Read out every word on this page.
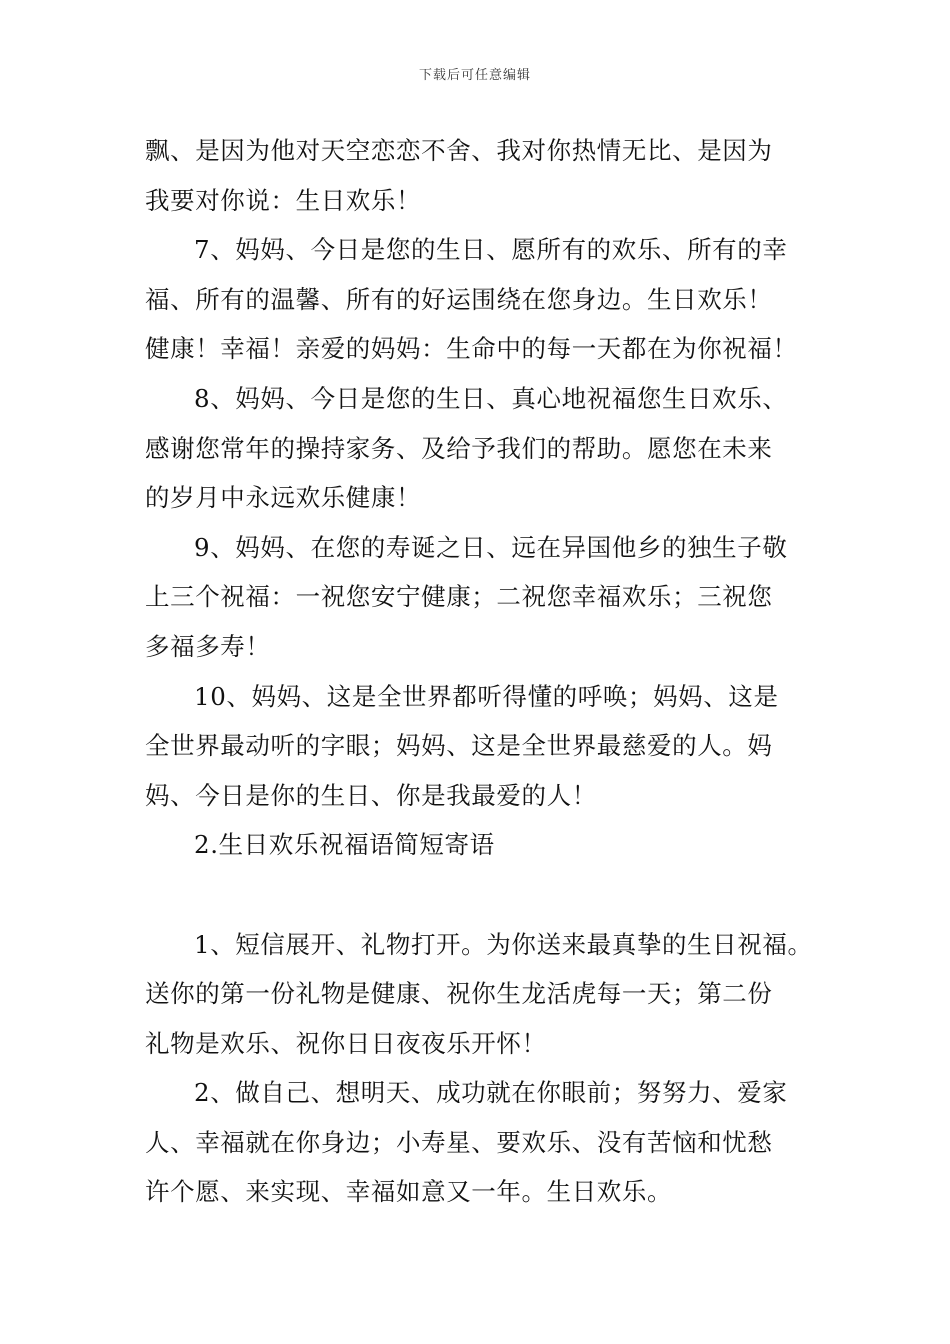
下载后可任意编辑
飘、是因为他对天空恋恋不舍、我对你热情无比、是因为
我要对你说：生日欢乐！
7、妈妈、今日是您的生日、愿所有的欢乐、所有的幸
福、所有的温馨、所有的好运围绕在您身边。生日欢乐！
健康！幸福！亲爱的妈妈：生命中的每一天都在为你祝福！
8、妈妈、今日是您的生日、真心地祝福您生日欢乐、
感谢您常年的操持家务、及给予我们的帮助。愿您在未来
的岁月中永远欢乐健康！
9、妈妈、在您的寿诞之日、远在异国他乡的独生子敬
上三个祝福：一祝您安宁健康；二祝您幸福欢乐；三祝您
多福多寿！
10、妈妈、这是全世界都听得懂的呼唤；妈妈、这是
全世界最动听的字眼；妈妈、这是全世界最慈爱的人。妈
妈、今日是你的生日、你是我最爱的人！
2.生日欢乐祝福语简短寄语
1、短信展开、礼物打开。为你送来最真挚的生日祝福。
送你的第一份礼物是健康、祝你生龙活虎每一天；第二份
礼物是欢乐、祝你日日夜夜乐开怀！
2、做自己、想明天、成功就在你眼前；努努力、爱家
人、幸福就在你身边；小寿星、要欢乐、没有苦恼和忧愁
许个愿、来实现、幸福如意又一年。生日欢乐。
